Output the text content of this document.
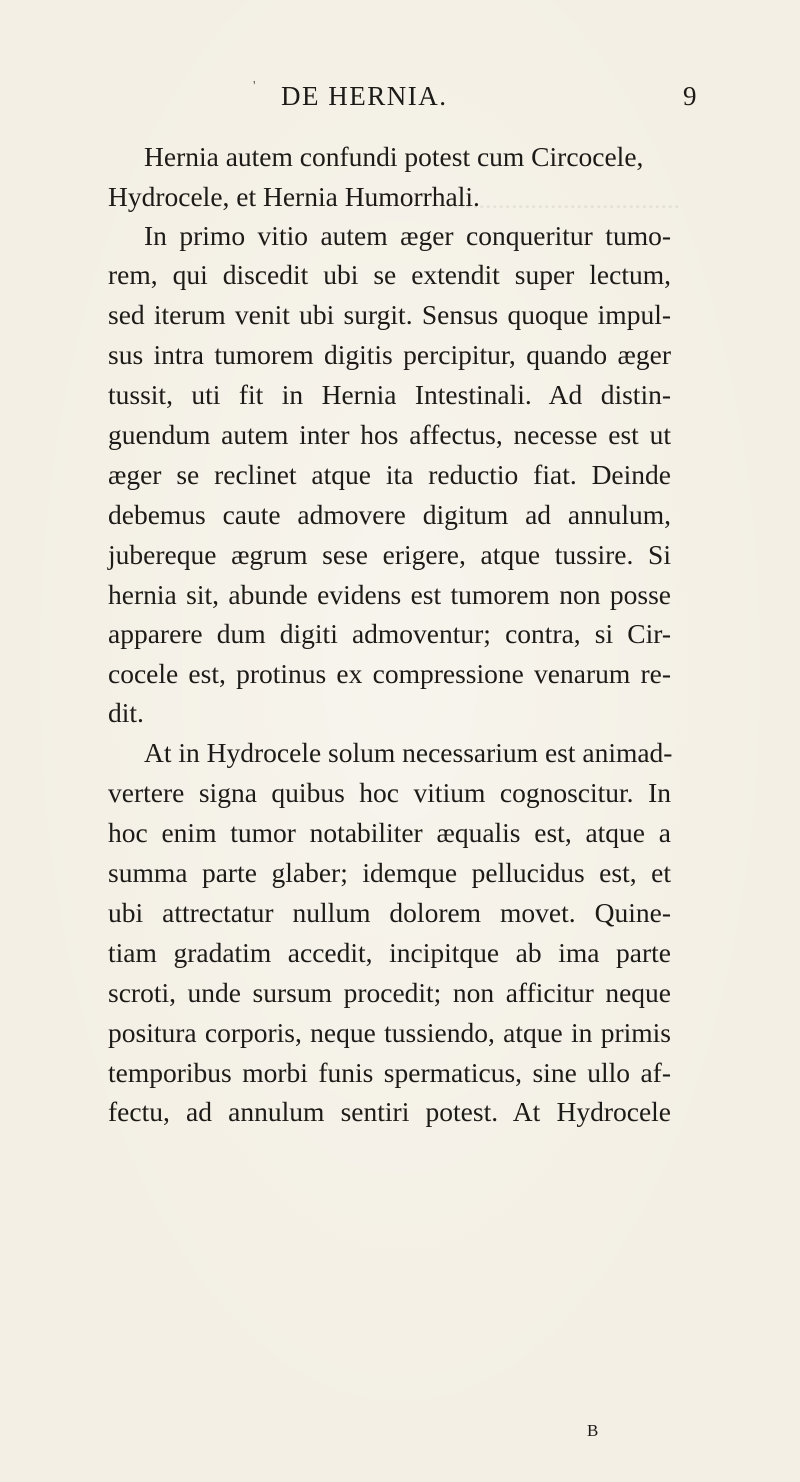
...................................
' DE HERNIA.	9
Hernia autem confundi potest cum Circocele,
Hydrocele, et Hernia Humorrhali.
In primo vitio autem æger conqueritur tumo-
rem, qui discedit ubi se extendit super lectum,
sed iterum venit ubi surgit. Sensus quoque impul-
sus intra tumorem digitis percipitur, quando æger
tussit, uti fit in Hernia Intestinali. Ad distin-
guendum autem inter hos affectus, necesse est ut
æger se reclinet atque ita reductio fiat. Deinde
debemus caute admovere digitum ad annulum,
jubereque ægrum sese erigere, atque tussire. Si
hernia sit, abunde evidens est tumorem non posse
apparere dum digiti admoventur; contra, si Cir-
cocele est, protinus ex compressione venarum re-
dit.
At in Hydrocele solum necessarium est animad-
vertere signa quibus hoc vitium cognoscitur. In
hoc enim tumor notabiliter æqualis est, atque a
summa parte glaber; idemque pellucidus est, et
ubi attrectatur nullum dolorem movet. Quine-
tiam gradatim accedit, incipitque ab ima parte
scroti, unde sursum procedit; non afficitur neque
positura corporis, neque tussiendo, atque in primis
temporibus morbi funis spermaticus, sine ullo af-
fectu, ad annulum sentiri potest. At Hydrocele
B
